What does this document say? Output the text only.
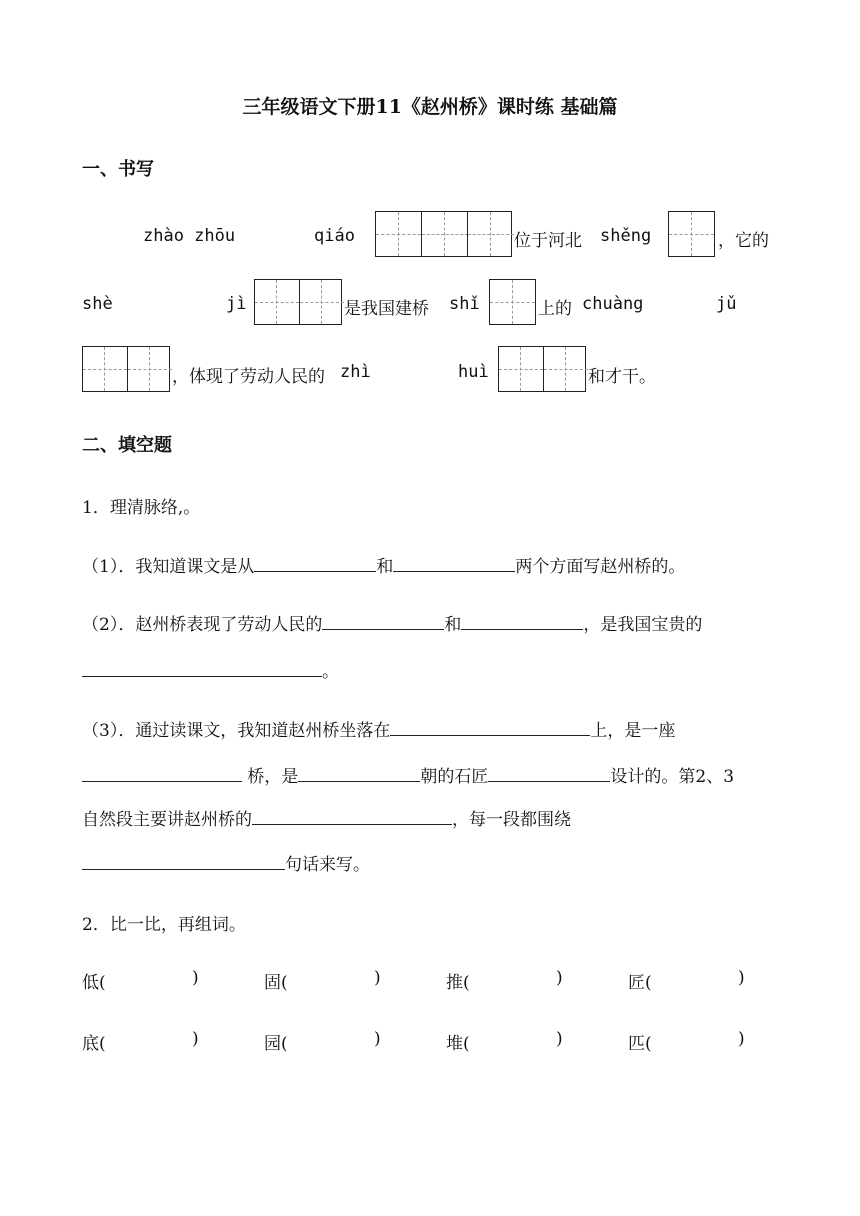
三年级语文下册11《赵州桥》课时练 基础篇
一、书写
zhào zhōu	qiáo	位于河北 shěng	，它的
shè	jì	是我国建桥 shǐ	上的 chuàng	jǔ
，体现了劳动人民的 zhì	huì	和才干。
二、填空题
1．理清脉络,。
（1）．我知道课文是从	和	两个方面写赵州桥的。
（2）．赵州桥表现了劳动人民的	和	，是我国宝贵的
。
（3）．通过读课文，我知道赵州桥坐落在	上，是一座
桥，是	朝的石匠	设计的。第2、3
自然段主要讲赵州桥的	，每一段都围绕
句话来写。
2．比一比，再组词。
低(	)	固(	)	推(	)	匠(	)
底(	)	园(	)	堆(	)	匹(	)
